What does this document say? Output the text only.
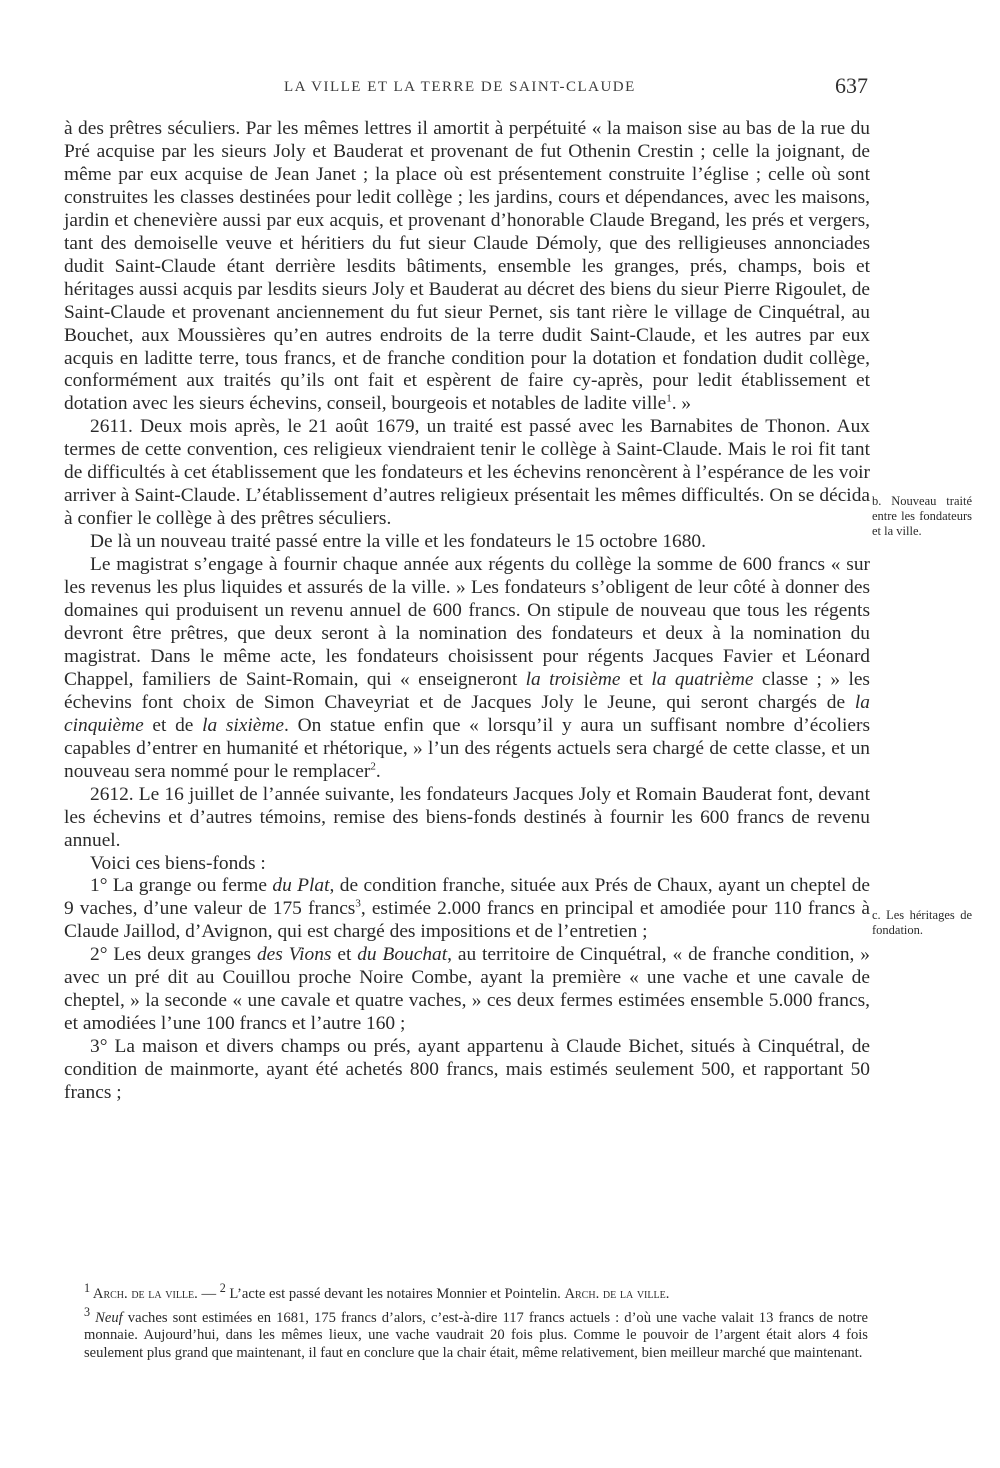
LA VILLE ET LA TERRE DE SAINT-CLAUDE	637

à des prêtres séculiers. Par les mêmes lettres il amortit à perpétuité « la maison sise au bas de la rue du Pré acquise par les sieurs Joly et Bauderat et provenant de fut Othenin Crestin ; celle la joignant, de même par eux acquise de Jean Janet ; la place où est présentement construite l’église ; celle où sont construites les classes destinées pour ledit collège ; les jardins, cours et dépendances, avec les maisons, jardin et chenevière aussi par eux acquis, et provenant d’honorable Claude Bregand, les prés et vergers, tant des demoiselle veuve et héritiers du fut sieur Claude Démoly, que des relligieuses annonciades dudit Saint-Claude étant derrière lesdits bâtiments, ensemble les granges, prés, champs, bois et héritages aussi acquis par lesdits sieurs Joly et Bauderat au décret des biens du sieur Pierre Rigoulet, de Saint-Claude et provenant anciennement du fut sieur Pernet, sis tant rière le village de Cinquétral, au Bouchet, aux Moussières qu’en autres endroits de la terre dudit Saint-Claude, et les autres par eux acquis en laditte terre, tous francs, et de franche condition pour la dotation et fondation dudit collège, conformément aux traités qu’ils ont fait et espèrent de faire cy-après, pour ledit établissement et dotation avec les sieurs échevins, conseil, bourgeois et notables de ladite ville$^1$. »

2611. Deux mois après, le 21 août 1679, un traité est passé avec les Barnabites de Thonon. Aux termes de cette convention, ces religieux viendraient tenir le collège à Saint-Claude. Mais le roi fit tant de difficultés à cet établissement que les fondateurs et les échevins renoncèrent à l’espérance de les voir arriver à Saint-Claude. L’établissement d’autres religieux présentait les mêmes difficultés. On se décida à confier le collège à des prêtres séculiers.

De là un nouveau traité passé entre la ville et les fondateurs le 15 octobre 1680.

Le magistrat s’engage à fournir chaque année aux régents du collège la somme de 600 francs « sur les revenus les plus liquides et assurés de la ville. » Les fondateurs s’obligent de leur côté à donner des domaines qui produisent un revenu annuel de 600 francs. On stipule de nouveau que tous les régents devront être prêtres, que deux seront à la nomination des fondateurs et deux à la nomination du magistrat. Dans le même acte, les fondateurs choisissent pour régents Jacques Favier et Léonard Chappel, familiers de Saint-Romain, qui « enseigneront la troisième et la quatrième classe ; » les échevins font choix de Simon Chaveyriat et de Jacques Joly le Jeune, qui seront chargés de la cinquième et de la sixième. On statue enfin que « lorsqu’il y aura un suffisant nombre d’écoliers capables d’entrer en humanité et rhétorique, » l’un des régents actuels sera chargé de cette classe, et un nouveau sera nommé pour le remplacer$^2$.

2612. Le 16 juillet de l’année suivante, les fondateurs Jacques Joly et Romain Bauderat font, devant les échevins et d’autres témoins, remise des biens-fonds destinés à fournir les 600 francs de revenu annuel.

Voici ces biens-fonds :

1° La grange ou ferme du Plat, de condition franche, située aux Prés de Chaux, ayant un cheptel de 9 vaches, d’une valeur de 175 francs$^3$, estimée 2.000 francs en principal et amodiée pour 110 francs à Claude Jaillod, d’Avignon, qui est chargé des impositions et de l’entretien ;

2° Les deux granges des Vions et du Bouchat, au territoire de Cinquétral, « de franche condition, » avec un pré dit au Couillou proche Noire Combe, ayant la première « une vache et une cavale de cheptel, » la seconde « une cavale et quatre vaches, » ces deux fermes estimées ensemble 5.000 francs, et amodiées l’une 100 francs et l’autre 160 ;

3° La maison et divers champs ou prés, ayant appartenu à Claude Bichet, situés à Cinquétral, de condition de mainmorte, ayant été achetés 800 francs, mais estimés seulement 500, et rapportant 50 francs ;

b. Nouveau traité entre les fondateurs et la ville.
c. Les héritages de fondation.

$^1$ Arch. de la ville. — $^2$ L’acte est passé devant les notaires Monnier et Pointelin. Arch. de la ville.

$^3$ Neuf vaches sont estimées en 1681, 175 francs d’alors, c’est-à-dire 117 francs actuels : d’où une vache valait 13 francs de notre monnaie. Aujourd’hui, dans les mêmes lieux, une vache vaudrait 20 fois plus. Comme le pouvoir de l’argent était alors 4 fois seulement plus grand que maintenant, il faut en conclure que la chair était, même relativement, bien meilleur marché que maintenant.
